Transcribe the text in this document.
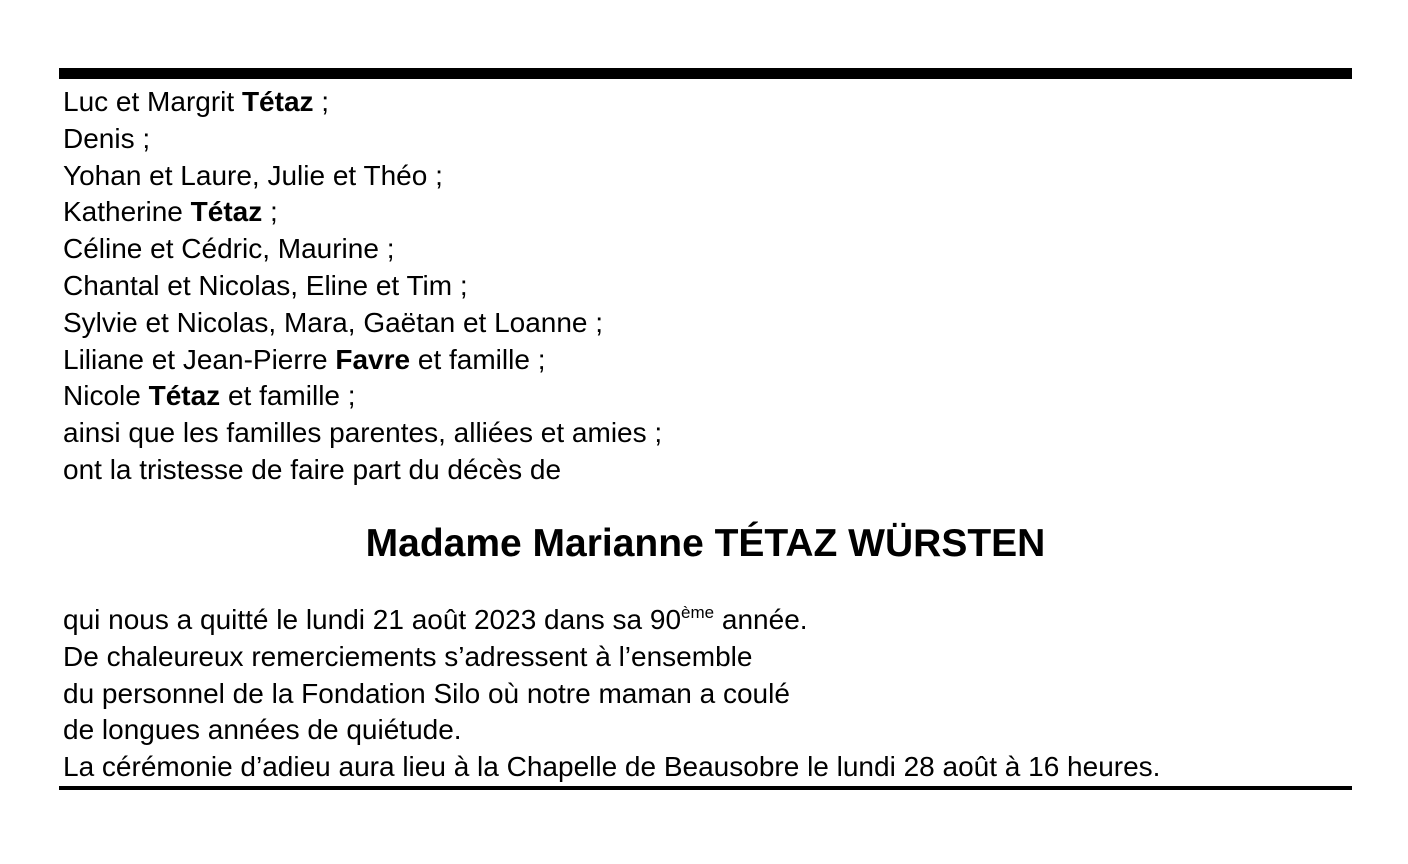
Luc et Margrit Tétaz ;
Denis ;
Yohan et Laure, Julie et Théo ;
Katherine Tétaz ;
Céline et Cédric, Maurine ;
Chantal et Nicolas, Eline et Tim ;
Sylvie et Nicolas, Mara, Gaëtan et Loanne ;
Liliane et Jean-Pierre Favre et famille ;
Nicole Tétaz et famille ;
ainsi que les familles parentes, alliées et amies ;
ont la tristesse de faire part du décès de
Madame Marianne TÉTAZ WÜRSTEN
qui nous a quitté le lundi 21 août 2023 dans sa 90ème année.
De chaleureux remerciements s’adressent à l’ensemble
du personnel de la Fondation Silo où notre maman a coulé
de longues années de quiétude.
La cérémonie d’adieu aura lieu à la Chapelle de Beausobre le lundi 28 août à 16 heures.
